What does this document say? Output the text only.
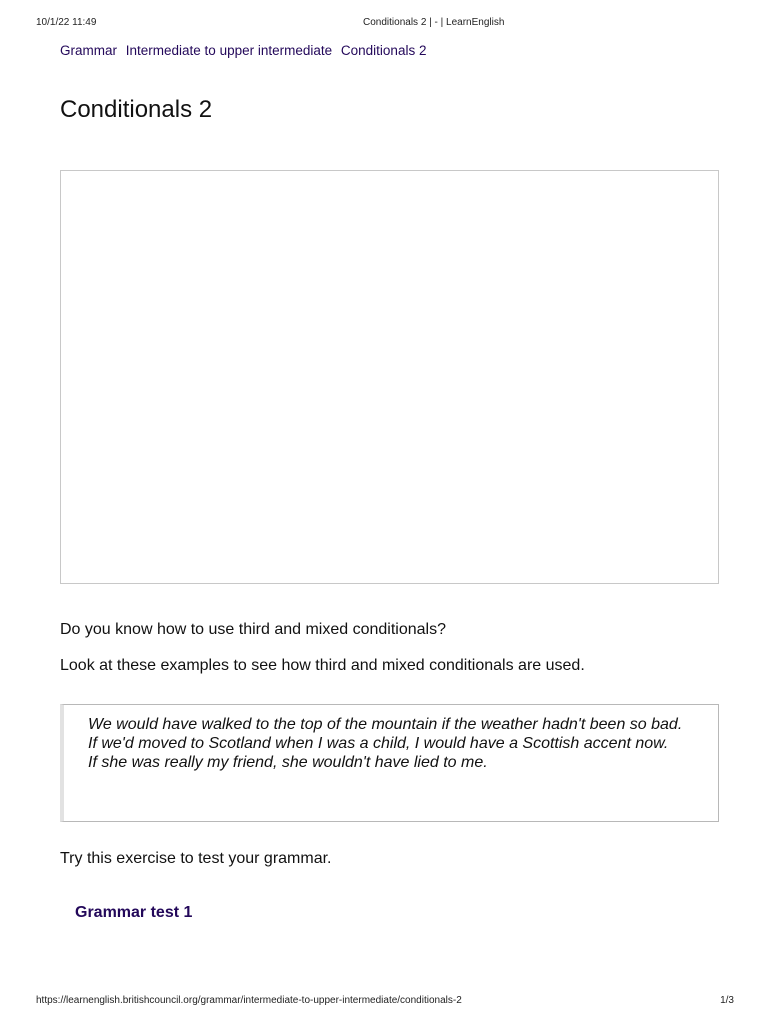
10/1/22 11:49	Conditionals 2 | - | LearnEnglish
Grammar Intermediate to upper intermediate Conditionals 2
Conditionals 2

Do you know how to use third and mixed conditionals?

Look at these examples to see how third and mixed conditionals are used.

We would have walked to the top of the mountain if the weather hadn't been so bad.

If we'd moved to Scotland when I was a child, I would have a Scottish accent now.

If she was really my friend, she wouldn't have lied to me.

Try this exercise to test your grammar.

Grammar test 1
https://learnenglish.britishcouncil.org/grammar/intermediate-to-upper-intermediate/conditionals-2	1/3
